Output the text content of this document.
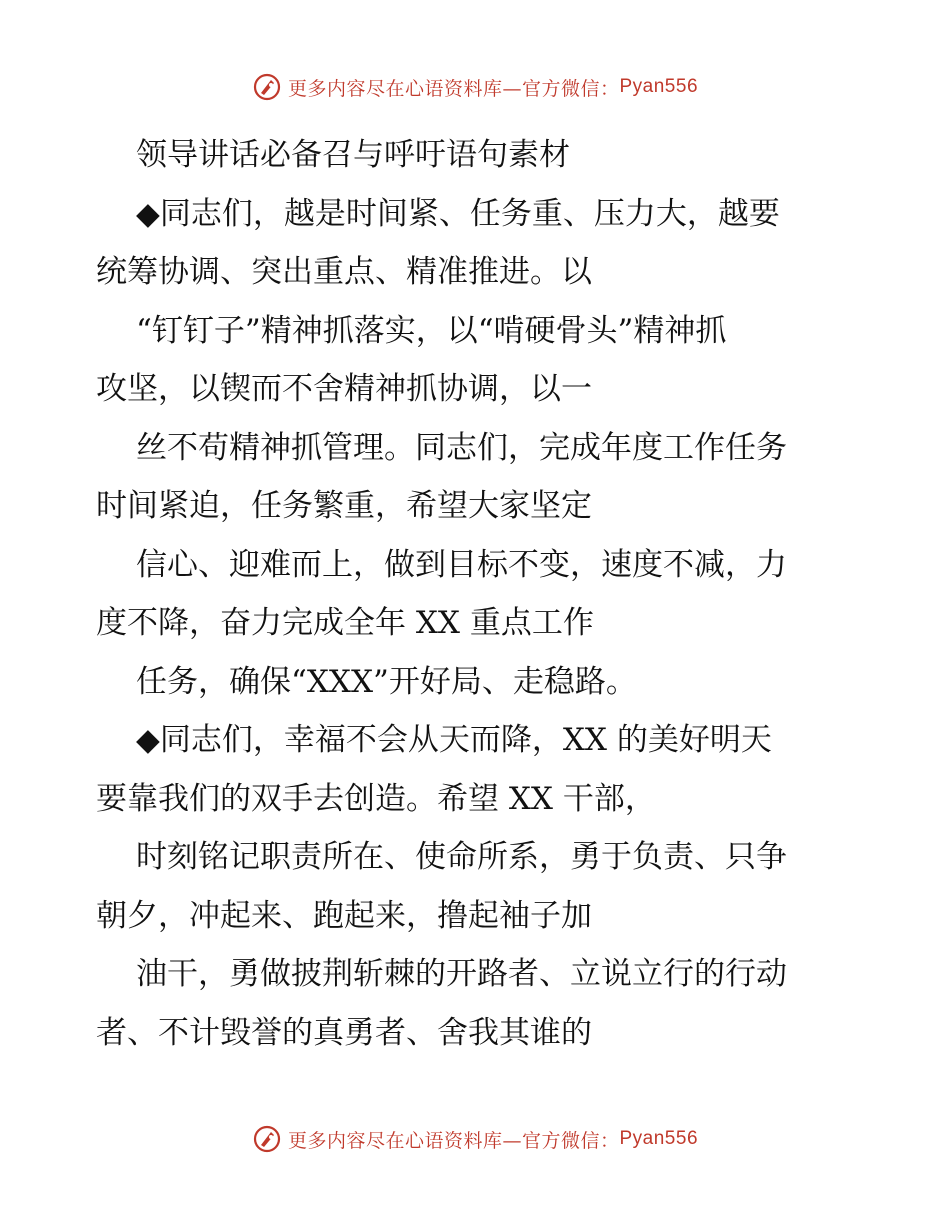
更多内容尽在心语资料库—官方微信： Pyan556
领导讲话必备召与呼吁语句素材
◆同志们，越是时间紧、任务重、压力大，越要
统筹协调、突出重点、精准推进。以
“钉钉子”精神抓落实，以“啃硬骨头”精神抓
攻坚，以锲而不舍精神抓协调，以一
丝不苟精神抓管理。同志们，完成年度工作任务
时间紧迫，任务繁重，希望大家坚定
信心、迎难而上，做到目标不变，速度不减，力
度不降，奋力完成全年 XX 重点工作
任务，确保“XXX”开好局、走稳路。
◆同志们，幸福不会从天而降，XX 的美好明天
要靠我们的双手去创造。希望 XX 干部，
时刻铭记职责所在、使命所系，勇于负责、只争
朝夕，冲起来、跑起来，撸起袖子加
油干，勇做披荆斩棘的开路者、立说立行的行动
者、不计毁誉的真勇者、舍我其谁的
更多内容尽在心语资料库—官方微信： Pyan556
